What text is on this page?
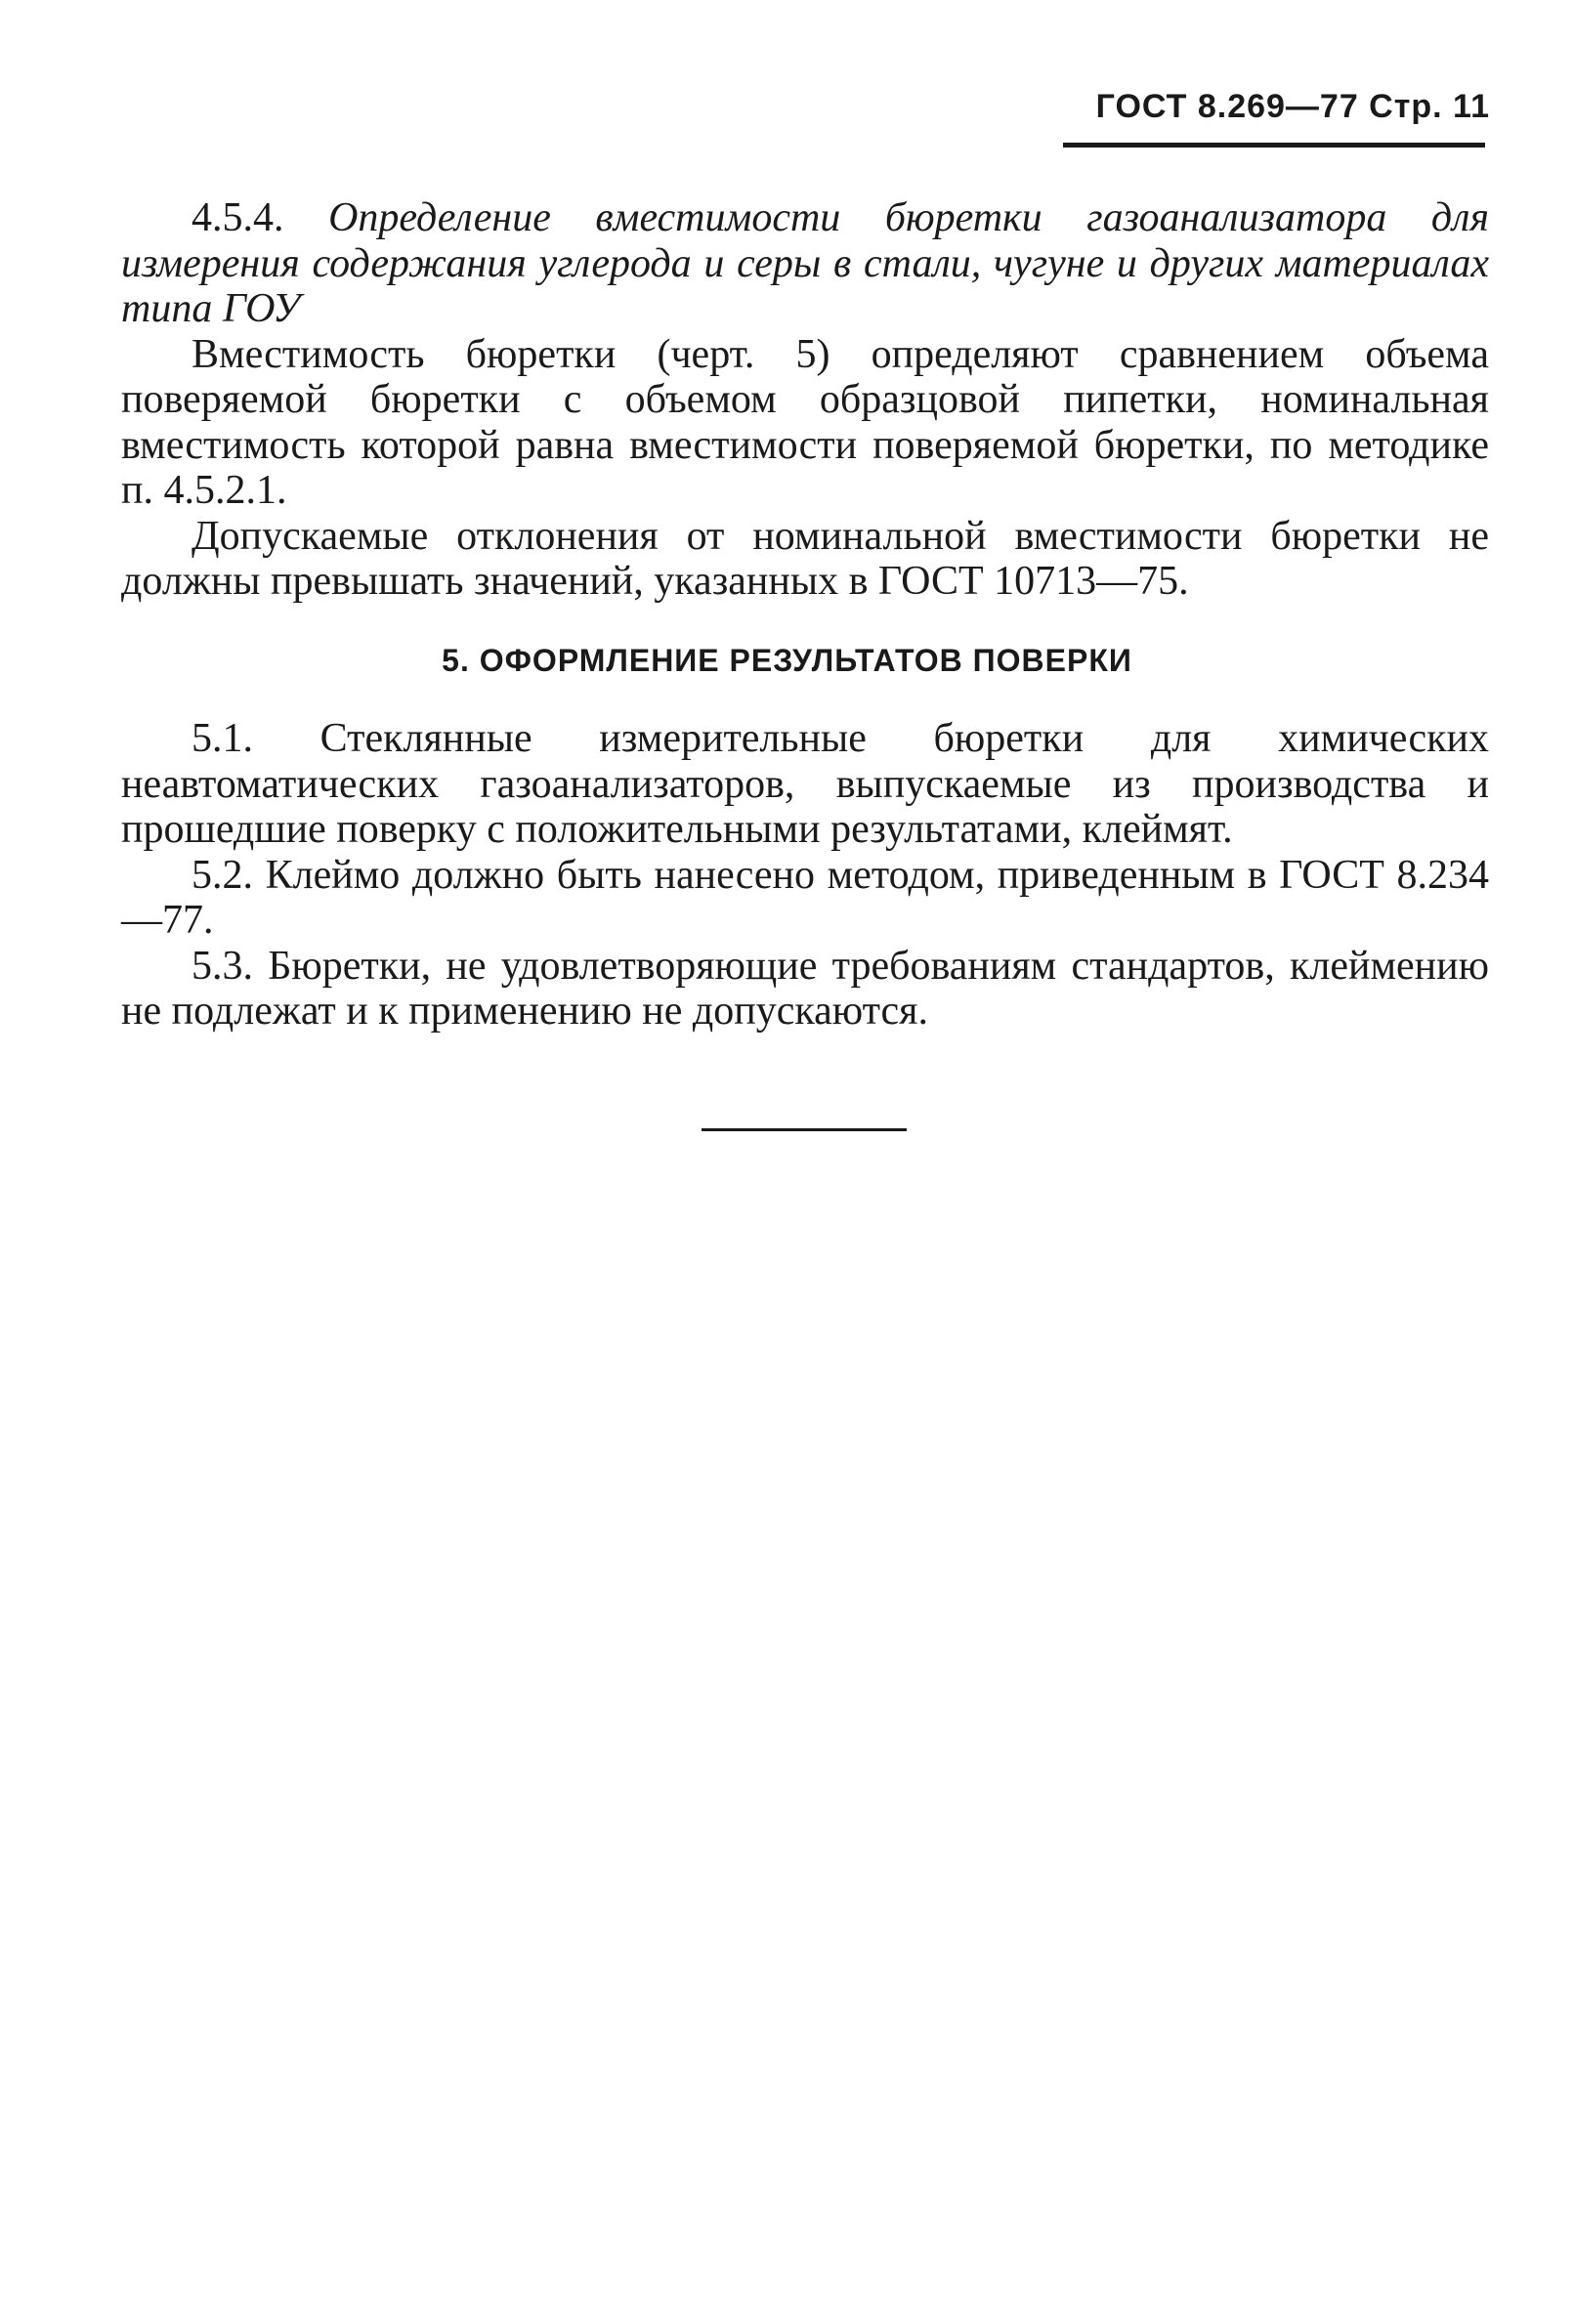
ГОСТ 8.269—77 Стр. 11

4.5.4. Определение вместимости бюретки газоанализатора для измерения содержания углерода и серы в стали, чугуне и других материалах типа ГОУ

Вместимость бюретки (черт. 5) определяют сравнением объема поверяемой бюретки с объемом образцовой пипетки, номинальная вместимость которой равна вместимости поверяемой бюретки, по методике п. 4.5.2.1.

Допускаемые отклонения от номинальной вместимости бюретки не должны превышать значений, указанных в ГОСТ 10713—75.

5. ОФОРМЛЕНИЕ РЕЗУЛЬТАТОВ ПОВЕРКИ

5.1. Стеклянные измерительные бюретки для химических неавтоматических газоанализаторов, выпускаемые из производства и прошедшие поверку с положительными результатами, клеймят.

5.2. Клеймо должно быть нанесено методом, приведенным в ГОСТ 8.234—77.

5.3. Бюретки, не удовлетворяющие требованиям стандартов, клеймению не подлежат и к применению не допускаются.
